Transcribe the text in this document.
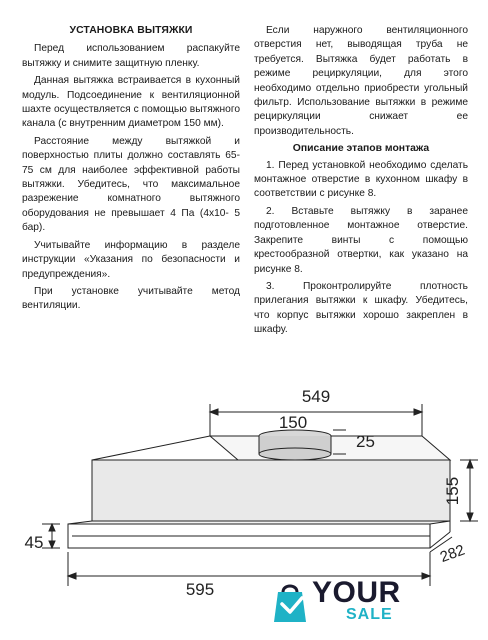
УСТАНОВКА ВЫТЯЖКИ

Перед использованием распакуйте вытяжку и снимите защитную пленку.

Данная вытяжка встраивается в кухонный модуль. Подсоединение к вентиляционной шахте осуществляется с помощью вытяжного канала (с внутренним диаметром 150 мм).

Расстояние между вытяжкой и поверхностью плиты должно составлять 65-75 см для наиболее эффективной работы вытяжки. Убедитесь, что максимальное разрежение комнатного вытяжного оборудования не превышает 4 Па (4х10- 5 бар).

Учитывайте информацию в разделе инструкции «Указания по безопасности и предупреждения».

При установке учитывайте метод вентиляции.

Если наружного вентиляционного отверстия нет, выводящая труба не требуется. Вытяжка будет работать в режиме рециркуляции, для этого необходимо отдельно приобрести угольный фильтр. Использование вытяжки в режиме рециркуляции снижает ее производительность.

Описание этапов монтажа

1. Перед установкой необходимо сделать монтажное отверстие в кухонном шкафу в соответствии с рисунке 8.

2. Вставьте вытяжку в заранее подготовленное монтажное отверстие. Закрепите винты с помощью крестообразной отвертки, как указано на рисунке 8.

3. Проконтролируйте плотность прилегания вытяжки к шкафу. Убедитесь, что корпус вытяжки хорошо закреплен в шкафу.

549
150
25
155
45	282
595	YOUR
SALE
